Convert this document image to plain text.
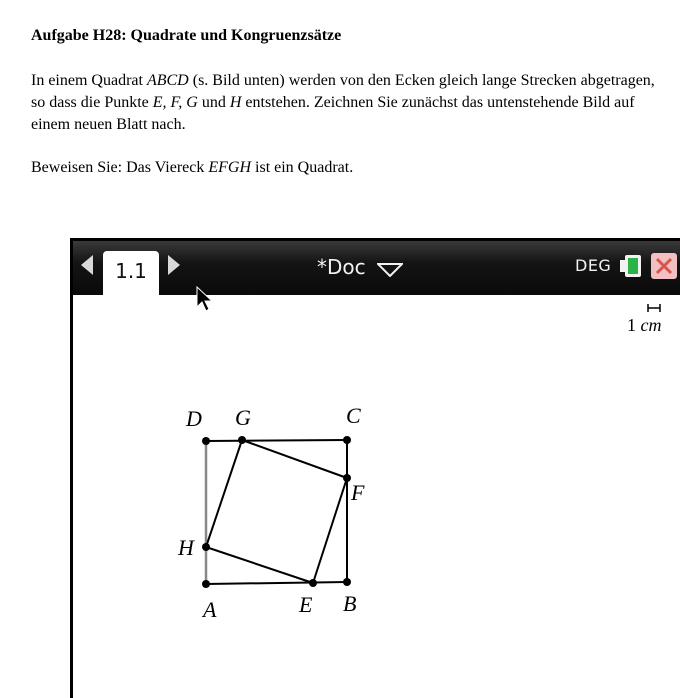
Aufgabe H28: Quadrate und Kongruenzsätze
In einem Quadrat ABCD (s. Bild unten) werden von den Ecken gleich lange Strecken abgetragen, so dass die Punkte E, F, G und H entstehen. Zeichnen Sie zunächst das untenstehende Bild auf einem neuen Blatt nach.
Beweisen Sie: Das Viereck EFGH ist ein Quadrat.
1.1	*Doc	DEG
1 cm
A	B
C
D
E
F
G
H
